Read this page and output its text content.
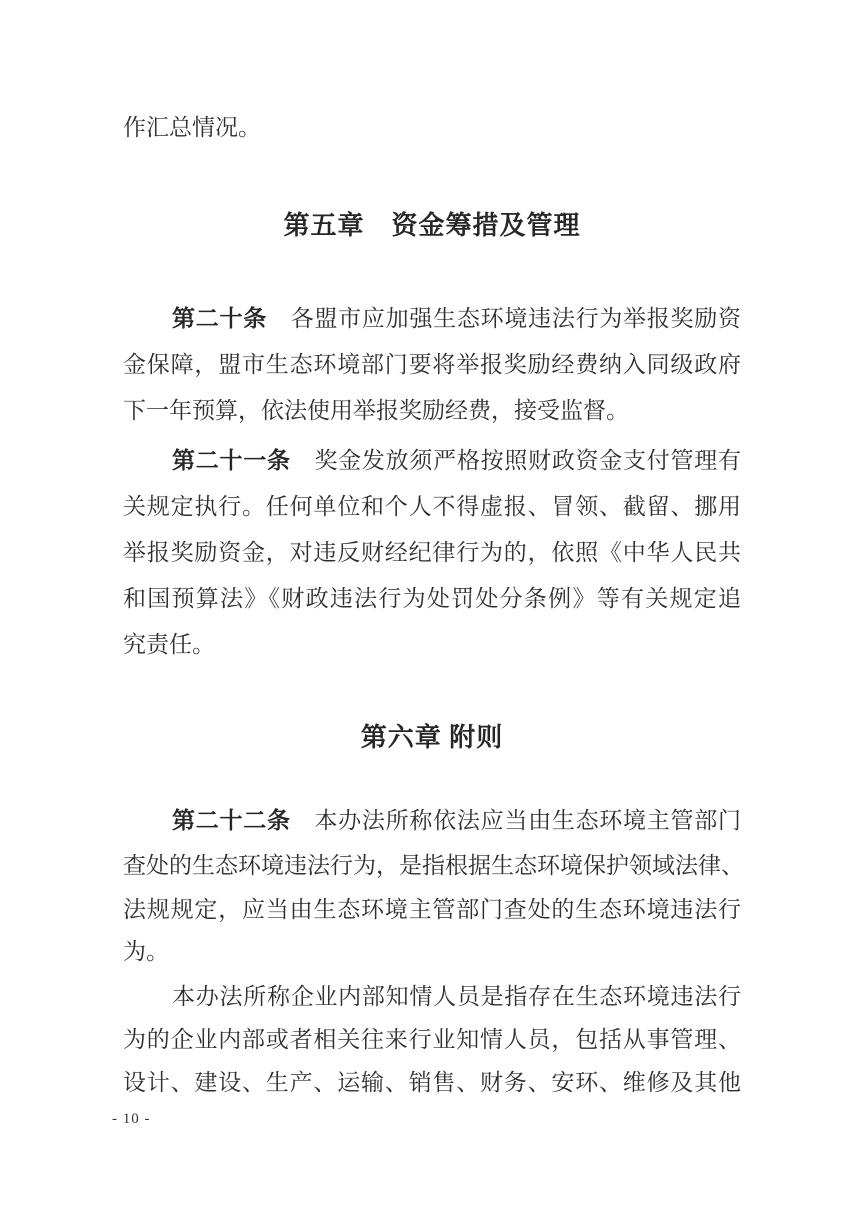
作汇总情况。
第五章　资金筹措及管理
第二十条　各盟市应加强生态环境违法行为举报奖励资
金保障，盟市生态环境部门要将举报奖励经费纳入同级政府
下一年预算，依法使用举报奖励经费，接受监督。
第二十一条　奖金发放须严格按照财政资金支付管理有
关规定执行。任何单位和个人不得虚报、冒领、截留、挪用
举报奖励资金，对违反财经纪律行为的，依照《中华人民共
和国预算法》《财政违法行为处罚处分条例》等有关规定追
究责任。
第六章 附则
第二十二条　本办法所称依法应当由生态环境主管部门
查处的生态环境违法行为，是指根据生态环境保护领域法律、
法规规定，应当由生态环境主管部门查处的生态环境违法行
为。
本办法所称企业内部知情人员是指存在生态环境违法行
为的企业内部或者相关往来行业知情人员，包括从事管理、
设计、建设、生产、运输、销售、财务、安环、维修及其他
- 10 -
